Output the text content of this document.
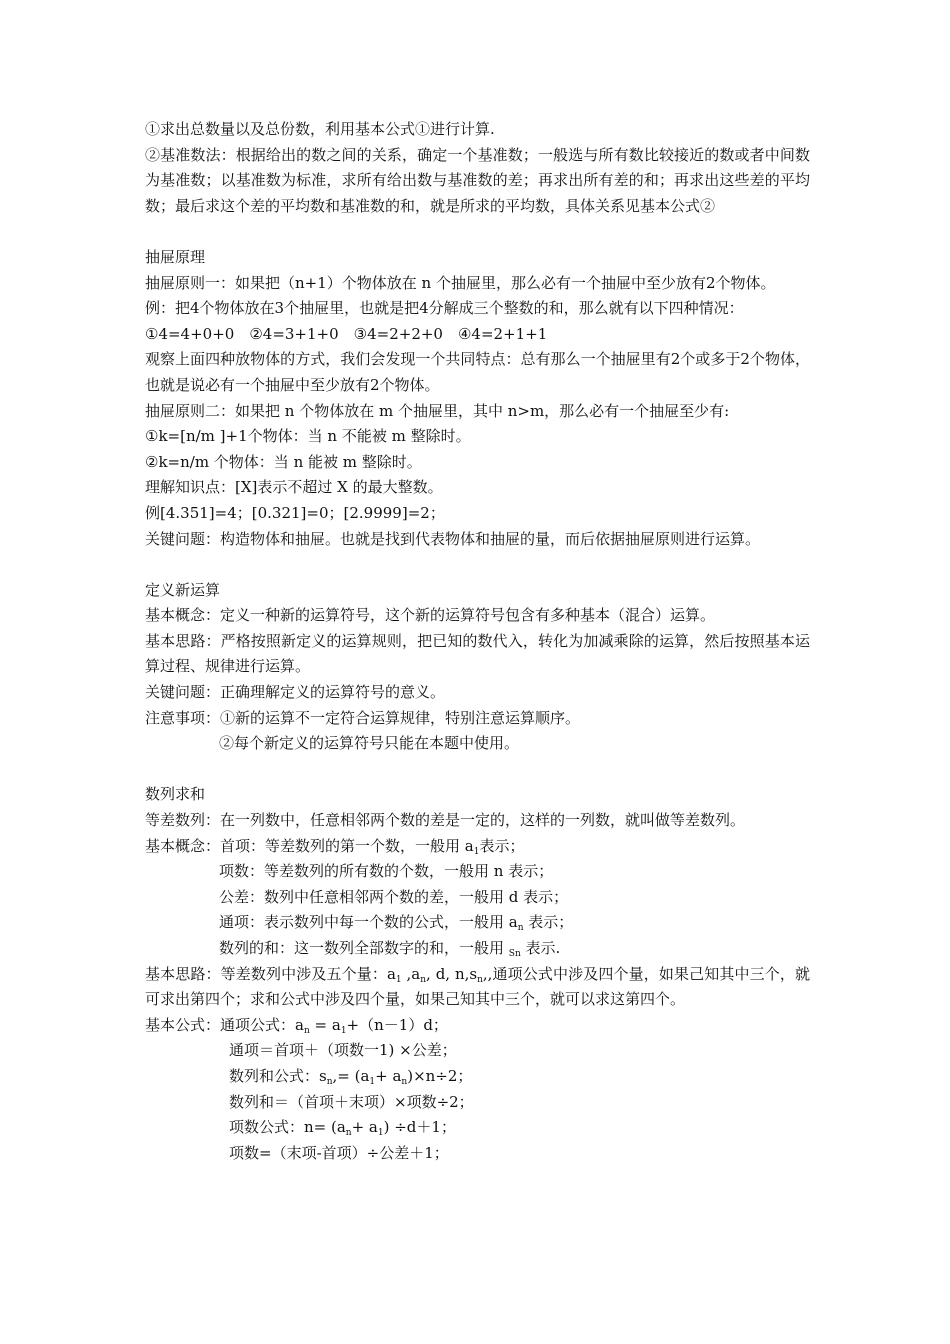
①求出总数量以及总份数，利用基本公式①进行计算.

②基准数法：根据给出的数之间的关系，确定一个基准数；一般选与所有数比较接近的数或者中间数为基准数；以基准数为标准，求所有给出数与基准数的差；再求出所有差的和；再求出这些差的平均数；最后求这个差的平均数和基准数的和，就是所求的平均数，具体关系见基本公式②

抽屉原理

抽屉原则一：如果把（n+1）个物体放在 n 个抽屉里，那么必有一个抽屉中至少放有2个物体。

例：把4个物体放在3个抽屉里，也就是把4分解成三个整数的和，那么就有以下四种情况：

①4=4+0+0　②4=3+1+0　③4=2+2+0　④4=2+1+1

观察上面四种放物体的方式，我们会发现一个共同特点：总有那么一个抽屉里有2个或多于2个物体，也就是说必有一个抽屉中至少放有2个物体。

抽屉原则二：如果把 n 个物体放在 m 个抽屉里，其中 n>m，那么必有一个抽屉至少有:

①k=[n/m ]+1个物体：当 n 不能被 m 整除时。

②k=n/m 个物体：当 n 能被 m 整除时。

理解知识点：[X]表示不超过 X 的最大整数。

例[4.351]=4；[0.321]=0；[2.9999]=2；

关键问题：构造物体和抽屉。也就是找到代表物体和抽屉的量，而后依据抽屉原则进行运算。

定义新运算

基本概念：定义一种新的运算符号，这个新的运算符号包含有多种基本（混合）运算。

基本思路：严格按照新定义的运算规则，把已知的数代入，转化为加减乘除的运算，然后按照基本运算过程、规律进行运算。

关键问题：正确理解定义的运算符号的意义。

注意事项：①新的运算不一定符合运算规律，特别注意运算顺序。

②每个新定义的运算符号只能在本题中使用。

数列求和

等差数列：在一列数中，任意相邻两个数的差是一定的，这样的一列数，就叫做等差数列。

基本概念：首项：等差数列的第一个数，一般用 $a_1$表示；

项数：等差数列的所有数的个数，一般用 n 表示；

公差：数列中任意相邻两个数的差，一般用 d 表示；

通项：表示数列中每一个数的公式，一般用 $a_n$ 表示；

数列的和：这一数列全部数字的和，一般用 $_{Sn}$ 表示.

基本思路：等差数列中涉及五个量：$a_1$ $,a_n$, d, $n,s_n$,,通项公式中涉及四个量，如果己知其中三个，就可求出第四个；求和公式中涉及四个量，如果己知其中三个，就可以求这第四个。

基本公式：通项公式：$a_n = a_1+(n-1)d$；

通项＝首项＋（项数一1) ×公差；

数列和公式：$s_n,= (a_1+ a_n)\times n\div 2$；

数列和＝（首项＋末项）×项数÷2；

项数公式：$n= (a_n+ a_1) \div d+1$；

项数=（末项-首项）÷公差＋1；
